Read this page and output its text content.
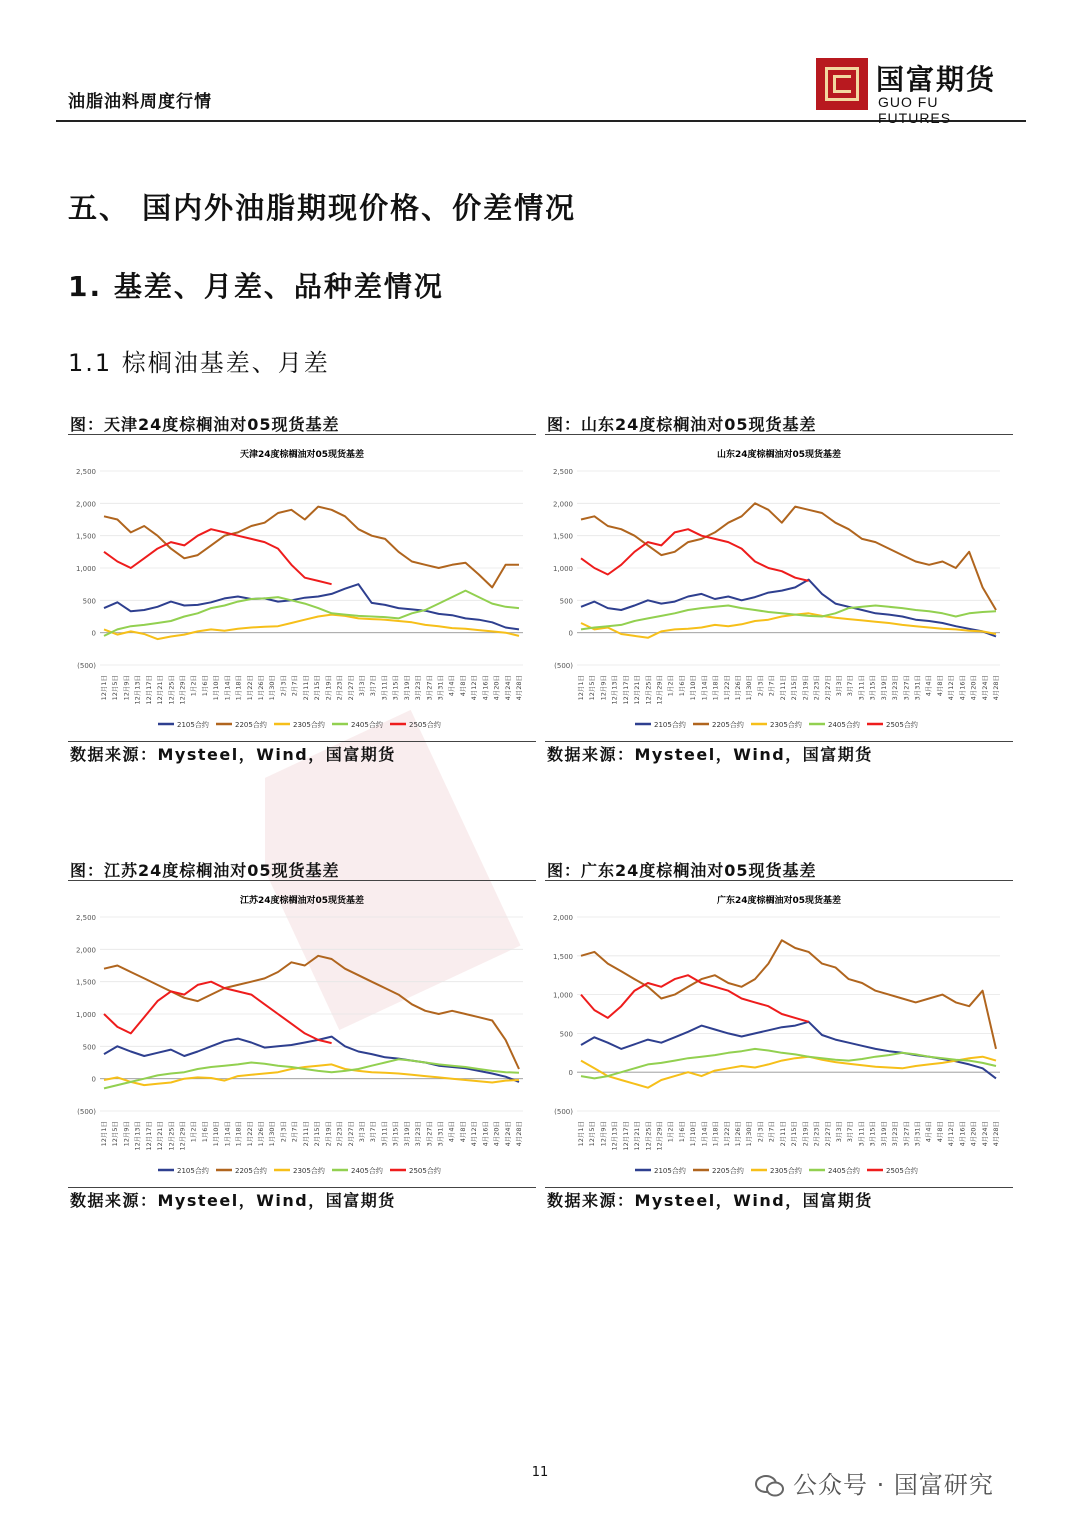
油脂油料周度行情
国富期货
GUO FU FUTURES
五、 国内外油脂期现价格、价差情况
1. 基差、月差、品种差情况
1.1 棕榈油基差、月差
图：天津24度棕榈油对05现货基差
天津24度棕榈油对05现货基差
2,500
2,000
1,500
1,000
500
0
(500)
12月1日 12月5日 12月9日 12月13日 12月17日 12月21日 12月25日 12月29日 1月2日 1月6日 1月10日 1月14日 1月18日 1月22日 1月26日 1月30日 2月3日 2月7日 2月11日 2月15日 2月19日 2月23日 2月27日 3月3日 3月7日 3月11日 3月15日 3月19日 3月23日 3月27日 3月31日 4月4日 4月8日 4月12日 4月16日 4月20日 4月24日 4月28日
2105合约	2205合约	2305合约	2405合约	2505合约
数据来源：Mysteel，Wind，国富期货
图：山东24度棕榈油对05现货基差
山东24度棕榈油对05现货基差
2,500
2,000
1,500
1,000
500
0
(500)
12月1日 12月5日 12月9日 12月13日 12月17日 12月21日 12月25日 12月29日 1月2日 1月6日 1月10日 1月14日 1月18日 1月22日 1月26日 1月30日 2月3日 2月7日 2月11日 2月15日 2月19日 2月23日 2月27日 3月3日 3月7日 3月11日 3月15日 3月19日 3月23日 3月27日 3月31日 4月4日 4月8日 4月12日 4月16日 4月20日 4月24日 4月28日
2105合约	2205合约	2305合约	2405合约	2505合约
数据来源：Mysteel，Wind，国富期货
图：江苏24度棕榈油对05现货基差
江苏24度棕榈油对05现货基差
2,500
2,000
1,500
1,000
500
0
(500)
12月1日 12月5日 12月9日 12月13日 12月17日 12月21日 12月25日 12月29日 1月2日 1月6日 1月10日 1月14日 1月18日 1月22日 1月26日 1月30日 2月3日 2月7日 2月11日 2月15日 2月19日 2月23日 2月27日 3月3日 3月7日 3月11日 3月15日 3月19日 3月23日 3月27日 3月31日 4月4日 4月8日 4月12日 4月16日 4月20日 4月24日 4月28日
2105合约	2205合约	2305合约	2405合约	2505合约
数据来源：Mysteel，Wind，国富期货
图：广东24度棕榈油对05现货基差
广东24度棕榈油对05现货基差
2,000
1,500
1,000
500
0
(500)
12月1日 12月5日 12月9日 12月13日 12月17日 12月21日 12月25日 12月29日 1月2日 1月6日 1月10日 1月14日 1月18日 1月22日 1月26日 1月30日 2月3日 2月7日 2月11日 2月15日 2月19日 2月23日 2月27日 3月3日 3月7日 3月11日 3月15日 3月19日 3月23日 3月27日 3月31日 4月4日 4月8日 4月12日 4月16日 4月20日 4月24日 4月28日
2105合约	2205合约	2305合约	2405合约	2505合约
数据来源：Mysteel，Wind，国富期货
11	公众号 · 国富研究
